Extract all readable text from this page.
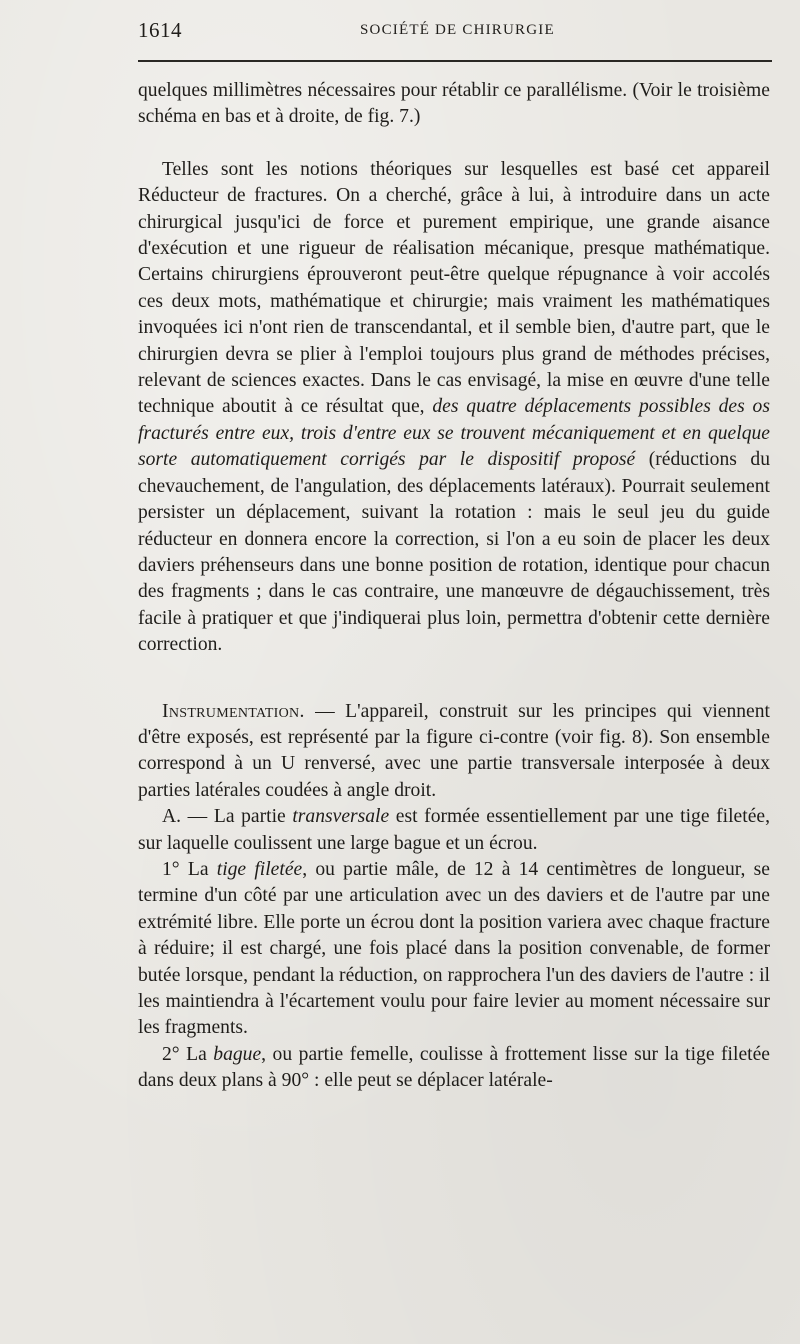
1614	SOCIÉTÉ DE CHIRURGIE

quelques millimètres nécessaires pour rétablir ce parallélisme. (Voir le troisième schéma en bas et à droite, de fig. 7.)

Telles sont les notions théoriques sur lesquelles est basé cet appareil Réducteur de fractures. On a cherché, grâce à lui, à introduire dans un acte chirurgical jusqu'ici de force et purement empirique, une grande aisance d'exécution et une rigueur de réalisation mécanique, presque mathématique. Certains chirurgiens éprouveront peut-être quelque répugnance à voir accolés ces deux mots, mathématique et chirurgie; mais vraiment les mathématiques invoquées ici n'ont rien de transcendantal, et il semble bien, d'autre part, que le chirurgien devra se plier à l'emploi toujours plus grand de méthodes précises, relevant de sciences exactes. Dans le cas envisagé, la mise en œuvre d'une telle technique aboutit à ce résultat que, des quatre déplacements possibles des os fracturés entre eux, trois d'entre eux se trouvent mécaniquement et en quelque sorte automatiquement corrigés par le dispositif proposé (réductions du chevauchement, de l'angulation, des déplacements latéraux). Pourrait seulement persister un déplacement, suivant la rotation : mais le seul jeu du guide réducteur en donnera encore la correction, si l'on a eu soin de placer les deux daviers préhenseurs dans une bonne position de rotation, identique pour chacun des fragments ; dans le cas contraire, une manœuvre de dégauchissement, très facile à pratiquer et que j'indiquerai plus loin, permettra d'obtenir cette dernière correction.

Instrumentation. — L'appareil, construit sur les principes qui viennent d'être exposés, est représenté par la figure ci-contre (voir fig. 8). Son ensemble correspond à un U renversé, avec une partie transversale interposée à deux parties latérales coudées à angle droit.

A. — La partie transversale est formée essentiellement par une tige filetée, sur laquelle coulissent une large bague et un écrou.

1° La tige filetée, ou partie mâle, de 12 à 14 centimètres de longueur, se termine d'un côté par une articulation avec un des daviers et de l'autre par une extrémité libre. Elle porte un écrou dont la position variera avec chaque fracture à réduire; il est chargé, une fois placé dans la position convenable, de former butée lorsque, pendant la réduction, on rapprochera l'un des daviers de l'autre : il les maintiendra à l'écartement voulu pour faire levier au moment nécessaire sur les fragments.

2° La bague, ou partie femelle, coulisse à frottement lisse sur la tige filetée dans deux plans à 90° : elle peut se déplacer latérale-
